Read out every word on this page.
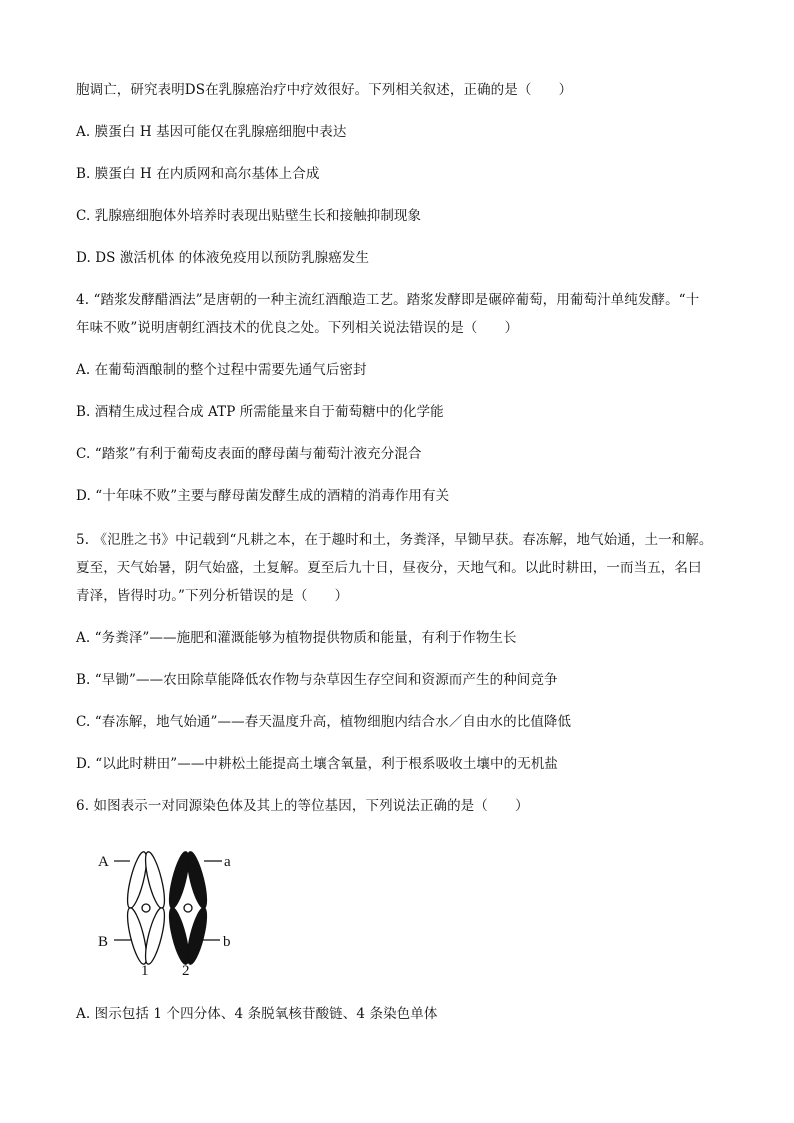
胞调亡，研究表明DS在乳腺癌治疗中疗效很好。下列相关叙述，正确的是（　　）
A. 膜蛋白 H 基因可能仅在乳腺癌细胞中表达
B. 膜蛋白 H 在内质网和高尔基体上合成
C. 乳腺癌细胞体外培养时表现出贴壁生长和接触抑制现象
D. DS 激活机体 的体液免疫用以预防乳腺癌发生
4. “踏浆发酵醋酒法”是唐朝的一种主流红酒酿造工艺。踏浆发酵即是碾碎葡萄，用葡萄汁单纯发酵。“十
年味不败”说明唐朝红酒技术的优良之处。下列相关说法错误的是（　　）
A. 在葡萄酒酿制的整个过程中需要先通气后密封
B. 酒精生成过程合成 ATP 所需能量来自于葡萄糖中的化学能
C. “踏浆”有利于葡萄皮表面的酵母菌与葡萄汁液充分混合
D. “十年味不败”主要与酵母菌发酵生成的酒精的消毒作用有关
5. 《氾胜之书》中记载到“凡耕之本，在于趣时和土，务粪泽，早锄早获。春冻解，地气始通，土一和解。
夏至，天气始暑，阴气始盛，土复解。夏至后九十日，昼夜分，天地气和。以此时耕田，一而当五，名曰
青泽，皆得时功。”下列分析错误的是（　　）
A. “务粪泽”——施肥和灌溉能够为植物提供物质和能量，有利于作物生长
B. “早锄”——农田除草能降低农作物与杂草因生存空间和资源而产生的种间竞争
C. “春冻解，地气始通”——春天温度升高，植物细胞内结合水／自由水的比值降低
D. “以此时耕田”——中耕松土能提高土壤含氧量，利于根系吸收土壤中的无机盐
6. 如图表示一对同源染色体及其上的等位基因，下列说法正确的是（　　）
A	a
B	b
1 2
A. 图示包括 1 个四分体、4 条脱氧核苷酸链、4 条染色单体
